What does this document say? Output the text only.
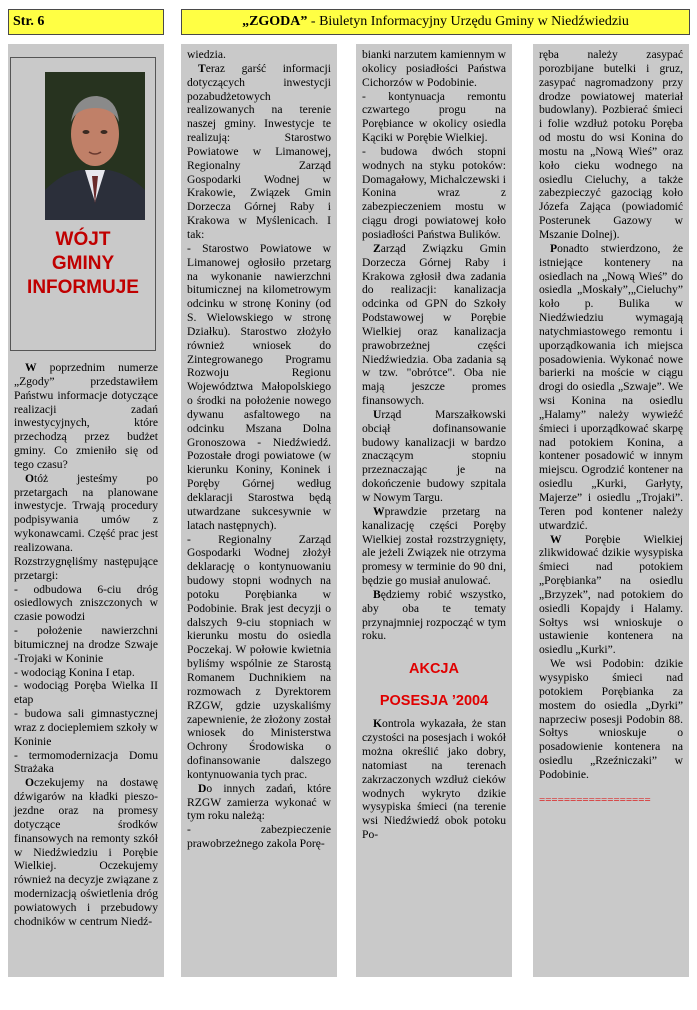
Str. 6	„ZGODA” - Biuletyn Informacyjny Urzędu Gminy w Niedźwiedziu
WÓJT
GMINY
INFORMUJE

W poprzednim numerze „Zgody” przedstawiłem Państwu informacje dotyczące realizacji zadań inwestycyjnych, które przechodzą przez budżet gminy. Co zmieniło się od tego czasu?

Otóż jesteśmy po przetargach na planowane inwestycje. Trwają procedury podpisywania umów z wykonawcami. Część prac jest realizowana. Rozstrzygnęliśmy następujące przetargi:

- odbudowa 6-ciu dróg osiedlowych zniszczonych w czasie powodzi

- położenie nawierzchni bitumicznej na drodze Szwaje -Trojaki w Koninie

- wodociąg Konina I etap.

- wodociąg Poręba Wielka II etap

- budowa sali gimnastycznej wraz z docieplemiem szkoły w Koninie

- termomodernizacja Domu Strażaka

Oczekujemy na dostawę dźwigarów na kładki pieszo-jezdne oraz na promesy dotyczące środków finansowych na remonty szkół w Niedźwiedziu i Porębie Wielkiej. Oczekujemy również na decyzje związane z modernizacją oświetlenia dróg powiatowych i przebudowy chodników w centrum Niedź-

wiedzia.

Teraz garść informacji dotyczących inwestycji pozabudżetowych realizowanych na terenie naszej gminy. Inwestycje te realizują: Starostwo Powiatowe w Limanowej, Regionalny Zarząd Gospodarki Wodnej w Krakowie, Związek Gmin Dorzecza Górnej Raby i Krakowa w Myślenicach. I tak:

- Starostwo Powiatowe w Limanowej ogłosiło przetarg na wykonanie nawierzchni bitumicznej na kilometrowym odcinku w stronę Koniny (od S. Wielowskiego w stronę Działku). Starostwo złożyło również wniosek do Zintegrowanego Programu Rozwoju Regionu Województwa Małopolskiego o środki na położenie nowego dywanu asfaltowego na odcinku Mszana Dolna Gronoszowa - Niedźwiedź. Pozostałe drogi powiatowe (w kierunku Koniny, Koninek i Poręby Górnej według deklaracji Starostwa będą utwardzane sukcesywnie w latach następnych).

- Regionalny Zarząd Gospodarki Wodnej złożył deklarację o kontynuowaniu budowy stopni wodnych na potoku Porębianka w Podobinie. Brak jest decyzji o dalszych 9-ciu stopniach w kierunku mostu do osiedla Poczekaj. W połowie kwietnia byliśmy wspólnie ze Starostą Romanem Duchnikiem na rozmowach z Dyrektorem RZGW, gdzie uzyskaliśmy zapewnienie, że złożony został wniosek do Ministerstwa Ochrony Środowiska o dofinansowanie dalszego kontynuowania tych prac.

Do innych zadań, które RZGW zamierza wykonać w tym roku należą:

- zabezpieczenie prawobrzeżnego zakola Porę-

bianki narzutem kamiennym w okolicy posiadłości Państwa Cichorzów w Podobinie.

- kontynuacja remontu czwartego progu na Porębiance w okolicy osiedla Kąciki w Porębie Wielkiej.

- budowa dwóch stopni wodnych na styku potoków: Domagałowy, Michalczewski i Konina wraz z zabezpieczeniem mostu w ciągu drogi powiatowej koło posiadłości Państwa Bulików.

Zarząd Związku Gmin Dorzecza Górnej Raby i Krakowa zgłosił dwa zadania do realizacji: kanalizacja odcinka od GPN do Szkoły Podstawowej w Porębie Wielkiej oraz kanalizacja prawobrzeżnej części Niedźwiedzia. Oba zadania są w tzw. "obrότce". Oba nie mają jeszcze promes finansowych.

Urząd Marszałkowski obciął dofinansowanie budowy kanalizacji w bardzo znaczącym stopniu przeznaczając je na dokończenie budowy szpitala w Nowym Targu.

Wprawdzie przetarg na kanalizację części Poręby Wielkiej został rozstrzygnięty, ale jeżeli Związek nie otrzyma promesy w terminie do 90 dni, będzie go musiał anulować.

Będziemy robić wszystko, aby oba te tematy przynajmniej rozpocząć w tym roku.

AKCJA
POSESJA ’2004

Kontrola wykazała, że stan czystości na posesjach i wokół można określić jako dobry, natomiast na terenach zakrzaczonych wzdłuż cieków wodnych wykryto dzikie wysypiska śmieci (na terenie wsi Niedźwiedź obok potoku Po-

ręba należy zasypać porozbijane butelki i gruz, zasypać nagromadzony przy drodze powiatowej materiał budowlany). Pozbierać śmieci i folie wzdłuż potoku Poręba od mostu do wsi Konina do mostu na „Nową Wieś” oraz koło cieku wodnego na osiedlu Cieluchy, a także zabezpieczyć gazociąg koło Józefa Zająca (powiadomić Posterunek Gazowy w Mszanie Dolnej).

Ponadto stwierdzono, że istniejące kontenery na osiedlach na „Nową Wieś” do osiedla „Moskały”,„Cieluchy” koło p. Bulika w Niedźwiedziu wymagają natychmiastowego remontu i uporządkowania ich miejsca posadowienia. Wykonać nowe barierki na moście w ciągu drogi do osiedla „Szwaje”. We wsi Konina na osiedlu „Halamy” należy wywieźć śmieci i uporządkować skarpę nad potokiem Konina, a kontener posadowić w innym miejscu. Ogrodzić kontener na osiedlu „Kurki, Garłyty, Majerze” i osiedlu „Trojaki”. Teren pod kontener należy utwardzić.

W Porębie Wielkiej zlikwidować dzikie wysypiska śmieci nad potokiem „Porębianka” na osiedlu „Brzyzek”, nad potokiem do osiedli Kopajdy i Halamy. Sołtys wsi wnioskuje o ustawienie kontenera na osiedlu „Kurki”.

We wsi Podobin: dzikie wysypisko śmieci nad potokiem Porębianka za mostem do osiedla „Dyrki” naprzeciw posesji Podobin 88. Sołtys wnioskuje o posadowienie kontenera na osiedlu „Rzeźniczaki” w Podobinie.

==================
